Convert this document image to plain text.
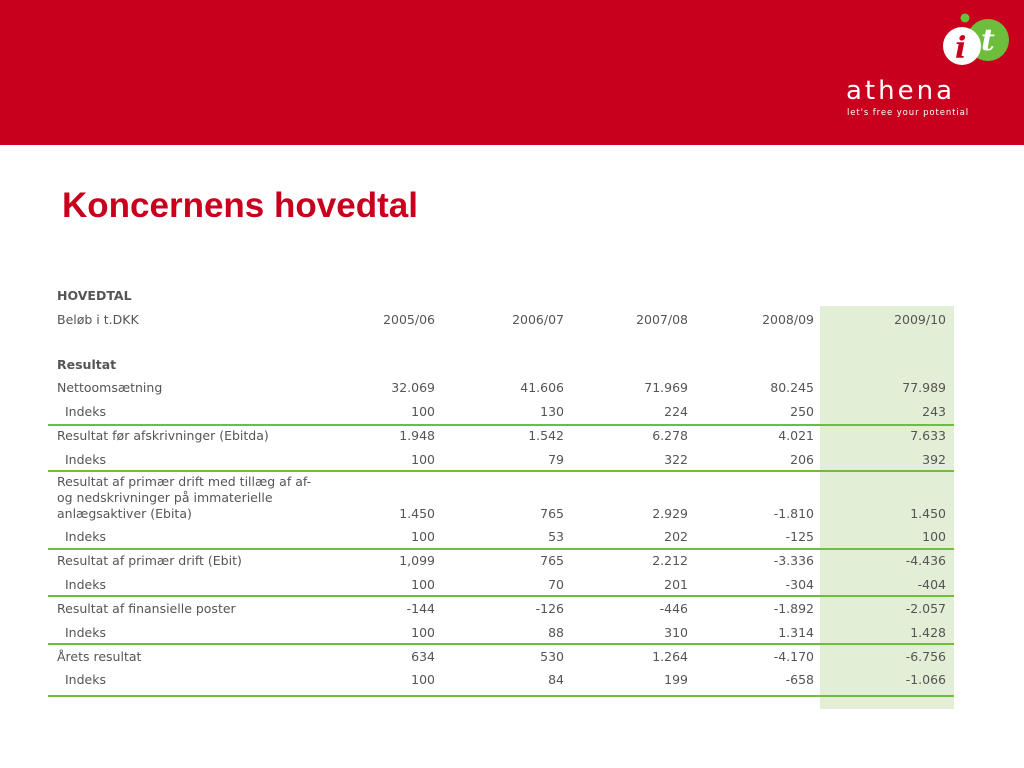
i t
athena
let's free your potential
Koncernens hovedtal
HOVEDTAL
Beløb i t.DKK
Resultat
2005/06	2006/07	2007/08	2008/09	2009/10
Nettoomsætning	32.069	41.606	71.969	80.245	77.989
Indeks	100	130	224	250	243
Resultat før afskrivninger (Ebitda)	1.948	1.542	6.278	4.021	7.633
Indeks	100	79	322	206	392
Resultat af primær drift med tillæg af af- og nedskrivninger på immaterielle anlægsaktiver (Ebita)	1.450	765	2.929	-1.810	1.450
Indeks	100	53	202	-125	100
Resultat af primær drift (Ebit)	1,099	765	2.212	-3.336	-4.436
Indeks	100	70	201	-304	-404
Resultat af finansielle poster	-144	-126	-446	-1.892	-2.057
Indeks	100	88	310	1.314	1.428
Årets resultat	634	530	1.264	-4.170	-6.756
Indeks	100	84	199	-658	-1.066
